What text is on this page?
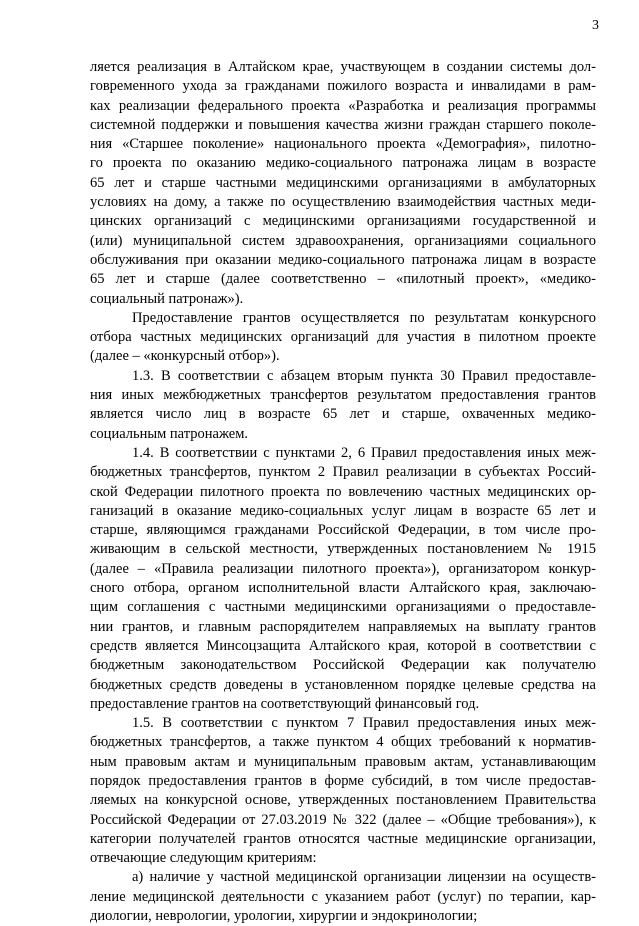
3
ляется реализация в Алтайском крае, участвующем в создании системы дол-
говременного ухода за гражданами пожилого возраста и инвалидами в рам-
ках реализации федерального проекта «Разработка и реализация программы
системной поддержки и повышения качества жизни граждан старшего поколе-
ния «Старшее поколение» национального проекта «Демография», пилотно-
го проекта по оказанию медико-социального патронажа лицам в возрасте
65 лет и старше частными медицинскими организациями в амбулаторных
условиях на дому, а также по осуществлению взаимодействия частных меди-
цинских организаций с медицинскими организациями государственной и
(или) муниципальной систем здравоохранения, организациями социального
обслуживания при оказании медико-социального патронажа лицам в возрасте
65 лет и старше (далее соответственно – «пилотный проект», «медико-
социальный патронаж»).
Предоставление грантов осуществляется по результатам конкурсного
отбора частных медицинских организаций для участия в пилотном проекте
(далее – «конкурсный отбор»).
1.3. В соответствии с абзацем вторым пункта 30 Правил предоставле-
ния иных межбюджетных трансфертов результатом предоставления грантов
является число лиц в возрасте 65 лет и старше, охваченных медико-
социальным патронажем.
1.4. В соответствии с пунктами 2, 6 Правил предоставления иных меж-
бюджетных трансфертов, пунктом 2 Правил реализации в субъектах Россий-
ской Федерации пилотного проекта по вовлечению частных медицинских ор-
ганизаций в оказание медико-социальных услуг лицам в возрасте 65 лет и
старше, являющимся гражданами Российской Федерации, в том числе про-
живающим в сельской местности, утвержденных постановлением № 1915
(далее – «Правила реализации пилотного проекта»), организатором конкур-
сного отбора, органом исполнительной власти Алтайского края, заключаю-
щим соглашения с частными медицинскими организациями о предоставле-
нии грантов, и главным распорядителем направляемых на выплату грантов
средств является Минсоцзащита Алтайского края, которой в соответствии с
бюджетным законодательством Российской Федерации как получателю
бюджетных средств доведены в установленном порядке целевые средства на
предоставление грантов на соответствующий финансовый год.
1.5. В соответствии с пунктом 7 Правил предоставления иных меж-
бюджетных трансфертов, а также пунктом 4 общих требований к норматив-
ным правовым актам и муниципальным правовым актам, устанавливающим
порядок предоставления грантов в форме субсидий, в том числе предостав-
ляемых на конкурсной основе, утвержденных постановлением Правительства
Российской Федерации от 27.03.2019 № 322 (далее – «Общие требования»), к
категории получателей грантов относятся частные медицинские организации,
отвечающие следующим критериям:
а) наличие у частной медицинской организации лицензии на осуществ-
ление медицинской деятельности с указанием работ (услуг) по терапии, кар-
диологии, неврологии, урологии, хирургии и эндокринологии;
